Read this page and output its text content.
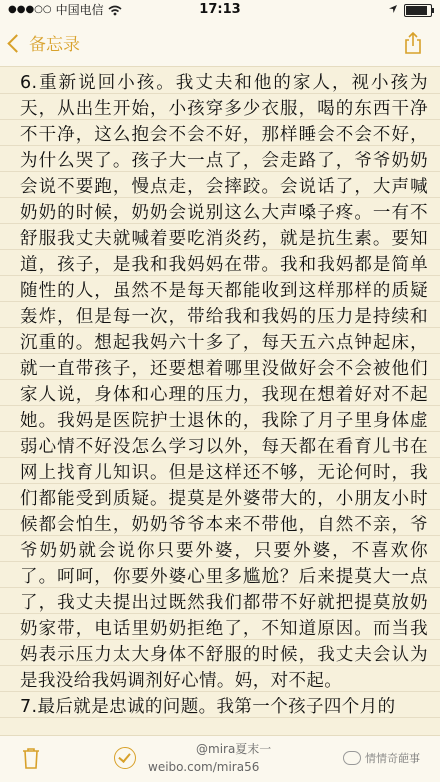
●●●○○ 中国电信	17:13
备忘录

6.重新说回小孩。我丈夫和他的家人，视小孩为天，从出生开始，小孩穿多少衣服，喝的东西干净不干净，这么抱会不会不好，那样睡会不会不好，为什么哭了。孩子大一点了，会走路了，爷爷奶奶会说不要跑，慢点走，会摔跤。会说话了，大声喊奶奶的时候，奶奶会说别这么大声嗓子疼。一有不舒服我丈夫就喊着要吃消炎药，就是抗生素。要知道，孩子，是我和我妈妈在带。我和我妈都是简单随性的人，虽然不是每天都能收到这样那样的质疑轰炸，但是每一次，带给我和我妈的压力是持续和沉重的。想起我妈六十多了，每天五六点钟起床，就一直带孩子，还要想着哪里没做好会不会被他们家人说，身体和心理的压力，我现在想着好对不起她。我妈是医院护士退休的，我除了月子里身体虚弱心情不好没怎么学习以外，每天都在看育儿书在网上找育儿知识。但是这样还不够，无论何时，我们都能受到质疑。提莫是外婆带大的，小朋友小时候都会怕生，奶奶爷爷本来不带他，自然不亲，爷爷奶奶就会说你只要外婆，只要外婆，不喜欢你了。呵呵，你要外婆心里多尴尬？后来提莫大一点了，我丈夫提出过既然我们都带不好就把提莫放奶奶家带，电话里奶奶拒绝了，不知道原因。而当我妈表示压力太大身体不舒服的时候，我丈夫会认为是我没给我妈调剂好心情。妈，对不起。

7.最后就是忠诚的问题。我第一个孩子四个月的

@mira夏末一
weibo.com/mira56
情情奇葩事
